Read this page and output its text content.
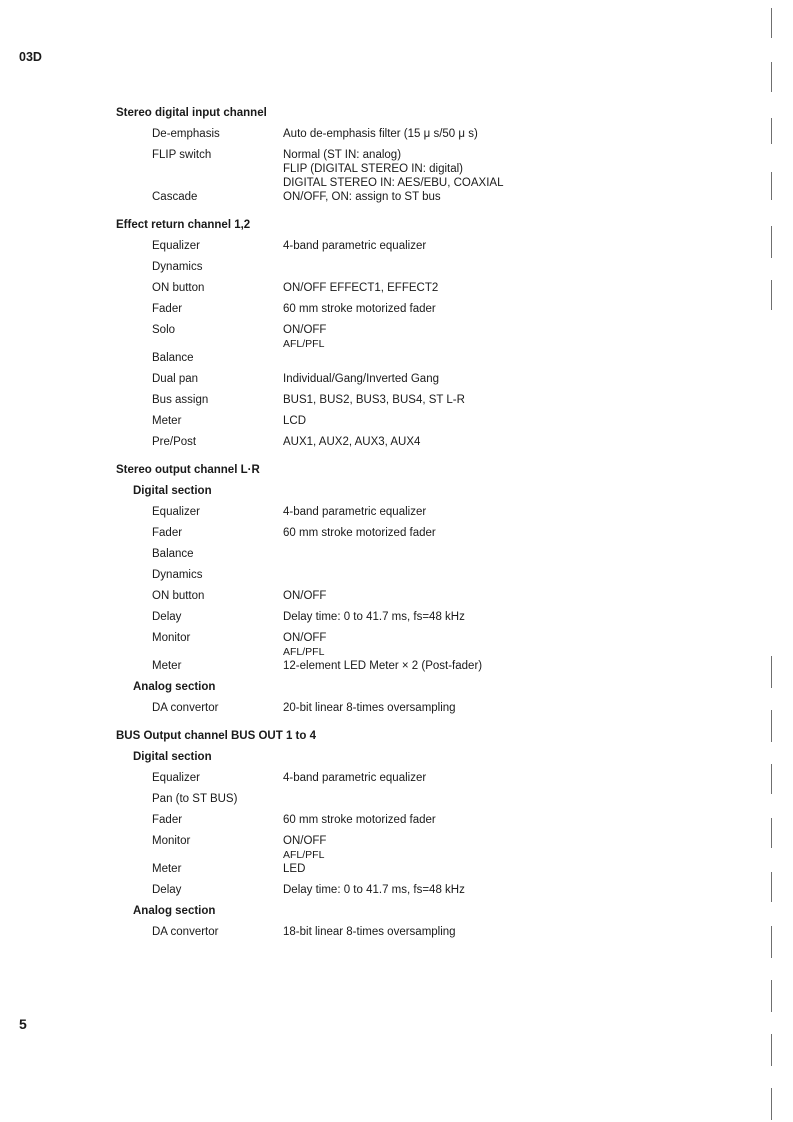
03D
Stereo digital input channel
De-emphasis	Auto de-emphasis filter (15 μ s/50 μ s)
FLIP switch	Normal (ST IN: analog)
FLIP (DIGITAL STEREO IN: digital)
DIGITAL STEREO IN: AES/EBU, COAXIAL
Cascade	ON/OFF, ON: assign to ST bus
Effect return channel 1,2
Equalizer	4-band parametric equalizer
Dynamics
ON button	ON/OFF EFFECT1, EFFECT2
Fader	60 mm stroke motorized fader
Solo	ON/OFF
AFL/PFL
Balance
Dual pan	Individual/Gang/Inverted Gang
Bus assign	BUS1, BUS2, BUS3, BUS4, ST L-R
Meter	LCD
Pre/Post	AUX1, AUX2, AUX3, AUX4
Stereo output channel L·R
Digital section
Equalizer	4-band parametric equalizer
Fader	60 mm stroke motorized fader
Balance
Dynamics
ON button	ON/OFF
Delay	Delay time: 0 to 41.7 ms, fs=48 kHz
Monitor	ON/OFF
AFL/PFL
Meter	12-element LED Meter × 2 (Post-fader)
Analog section
DA convertor	20-bit linear 8-times oversampling
BUS Output channel BUS OUT 1 to 4
Digital section
Equalizer	4-band parametric equalizer
Pan (to ST BUS)
Fader	60 mm stroke motorized fader
Monitor	ON/OFF
AFL/PFL
Meter	LED
Delay	Delay time: 0 to 41.7 ms, fs=48 kHz
Analog section
DA convertor	18-bit linear 8-times oversampling
5
